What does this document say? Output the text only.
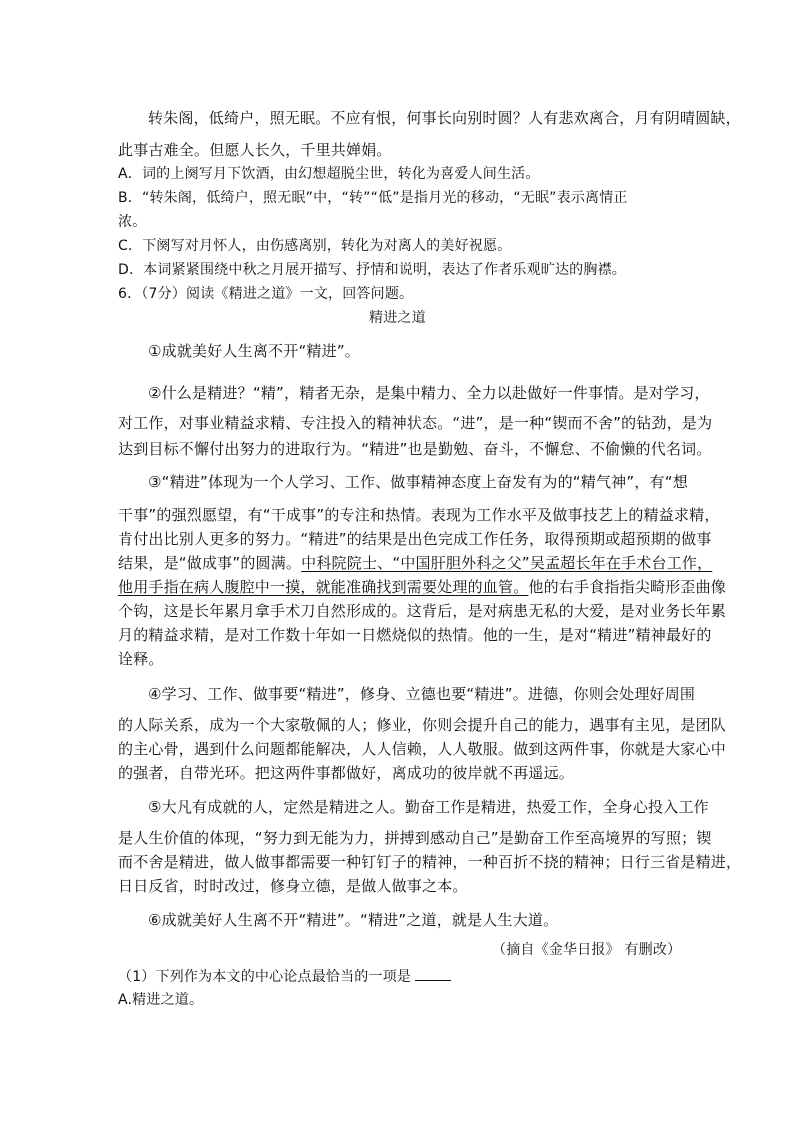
转朱阁，低绮户，照无眠。不应有恨，何事长向别时圆？人有悲欢离合，月有阴晴圆缺，
此事古难全。但愿人长久，千里共婵娟。
A．词的上阕写月下饮酒，由幻想超脱尘世，转化为喜爱人间生活。
B．“转朱阁，低绮户，照无眠”中，“转”“低”是指月光的移动，“无眠”表示离情正
浓。
C．下阕写对月怀人，由伤感离别，转化为对离人的美好祝愿。
D．本词紧紧围绕中秋之月展开描写、抒情和说明，表达了作者乐观旷达的胸襟。
6．（7分）阅读《精进之道》一文，回答问题。
精进之道
①成就美好人生离不开“精进”。
②什么是精进？“精”，精者无杂，是集中精力、全力以赴做好一件事情。是对学习，
对工作，对事业精益求精、专注投入的精神状态。“进”，是一种“锲而不舍”的钻劲，是为
达到目标不懈付出努力的进取行为。“精进”也是勤勉、奋斗，不懈怠、不偷懒的代名词。
③“精进”体现为一个人学习、工作、做事精神态度上奋发有为的“精气神”，有“想
干事”的强烈愿望，有“干成事”的专注和热情。表现为工作水平及做事技艺上的精益求精，
肯付出比别人更多的努力。“精进”的结果是出色完成工作任务，取得预期或超预期的做事
结果，是“做成事”的圆满。中科院院士、“中国肝胆外科之父”吴孟超长年在手术台工作，
他用手指在病人腹腔中一摸，就能准确找到需要处理的血管。他的右手食指指尖畸形歪曲像
个钩，这是长年累月拿手术刀自然形成的。这背后，是对病患无私的大爱，是对业务长年累
月的精益求精，是对工作数十年如一日燃烧似的热情。他的一生，是对“精进”精神最好的
诠释。
④学习、工作、做事要“精进”，修身、立德也要“精进”。进德，你则会处理好周围
的人际关系，成为一个大家敬佩的人；修业，你则会提升自己的能力，遇事有主见，是团队
的主心骨，遇到什么问题都能解决，人人信赖，人人敬服。做到这两件事，你就是大家心中
的强者，自带光环。把这两件事都做好，离成功的彼岸就不再遥远。
⑤大凡有成就的人，定然是精进之人。勤奋工作是精进，热爱工作，全身心投入工作
是人生价值的体现，“努力到无能为力，拼搏到感动自己”是勤奋工作至高境界的写照；锲
而不舍是精进，做人做事都需要一种钉钉子的精神，一种百折不挠的精神；日行三省是精进，
日日反省，时时改过，修身立德，是做人做事之本。
⑥成就美好人生离不开“精进”。“精进”之道，就是人生大道。
（摘自《金华日报》 有删改）
（1）下列作为本文的中心论点最恰当的一项是
A.精进之道。
